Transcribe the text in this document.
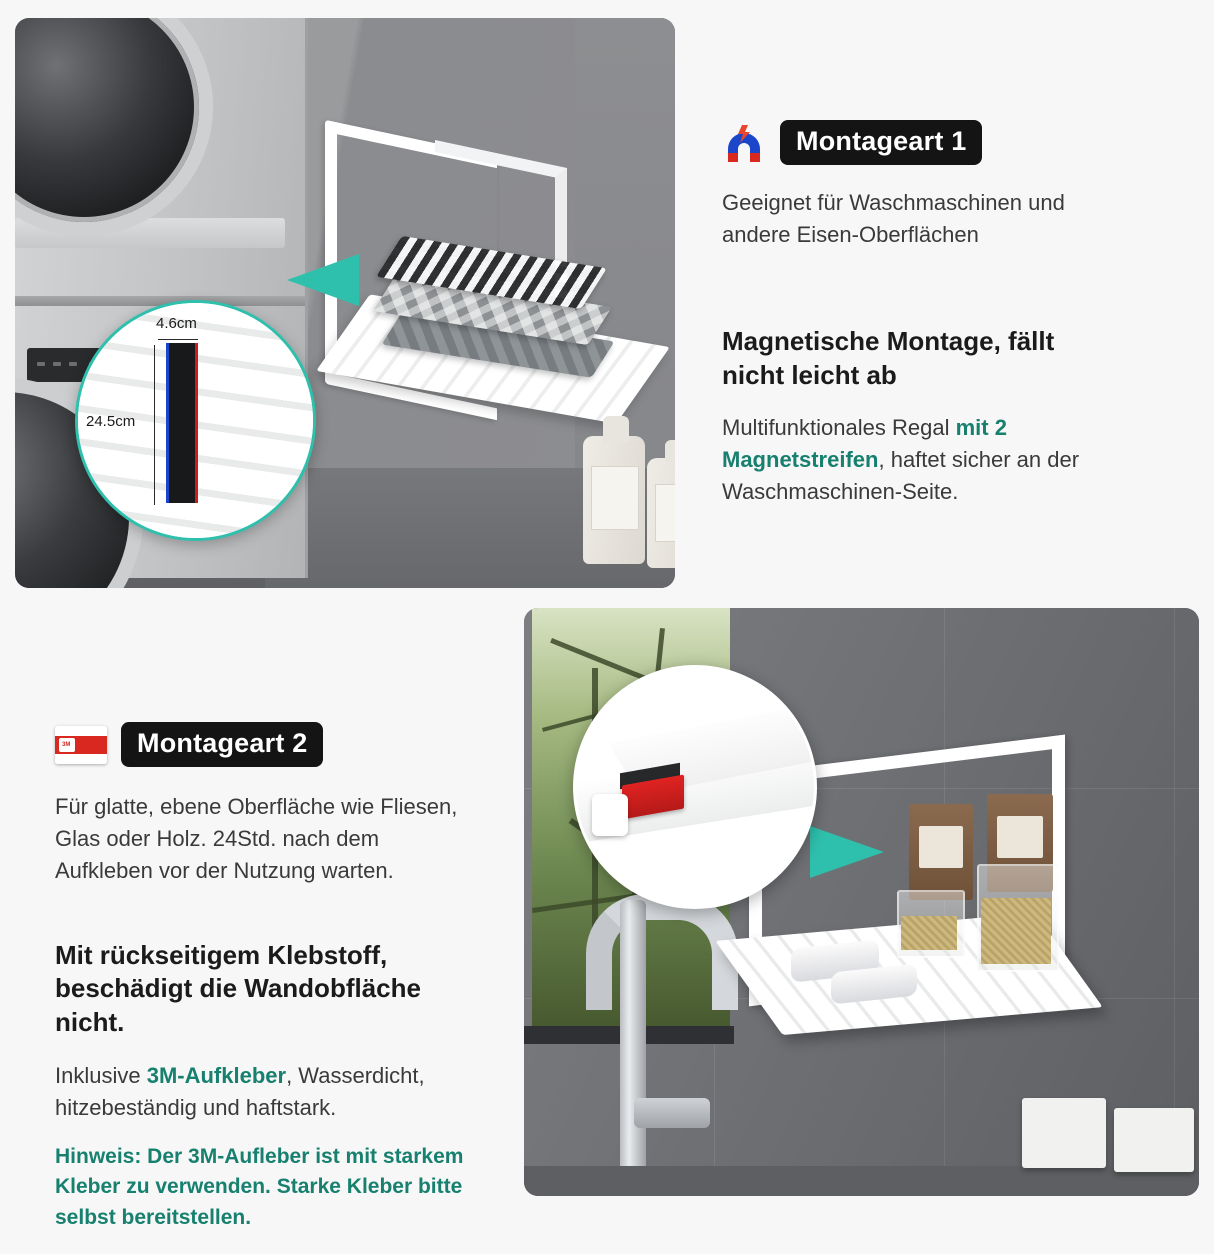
4.6cm
24.5cm
Montageart 1

Geeignet für Waschmaschinen und andere Eisen-Oberflächen

Magnetische Montage, fällt nicht leicht ab

Multifunktionales Regal mit 2 Magnetstreifen, haftet sicher an der Waschmaschinen-Seite.

3M	Montageart 2

Für glatte, ebene Oberfläche wie Fliesen, Glas oder Holz. 24Std. nach dem Aufkleben vor der Nutzung warten.

Mit rückseitigem Klebstoff,
beschädigt die Wandobfläche nicht.

Inklusive 3M-Aufkleber, Wasserdicht, hitzebeständig und haftstark.

Hinweis: Der 3M-Aufleber ist mit starkem Kleber zu verwenden. Starke Kleber bitte selbst bereitstellen.
